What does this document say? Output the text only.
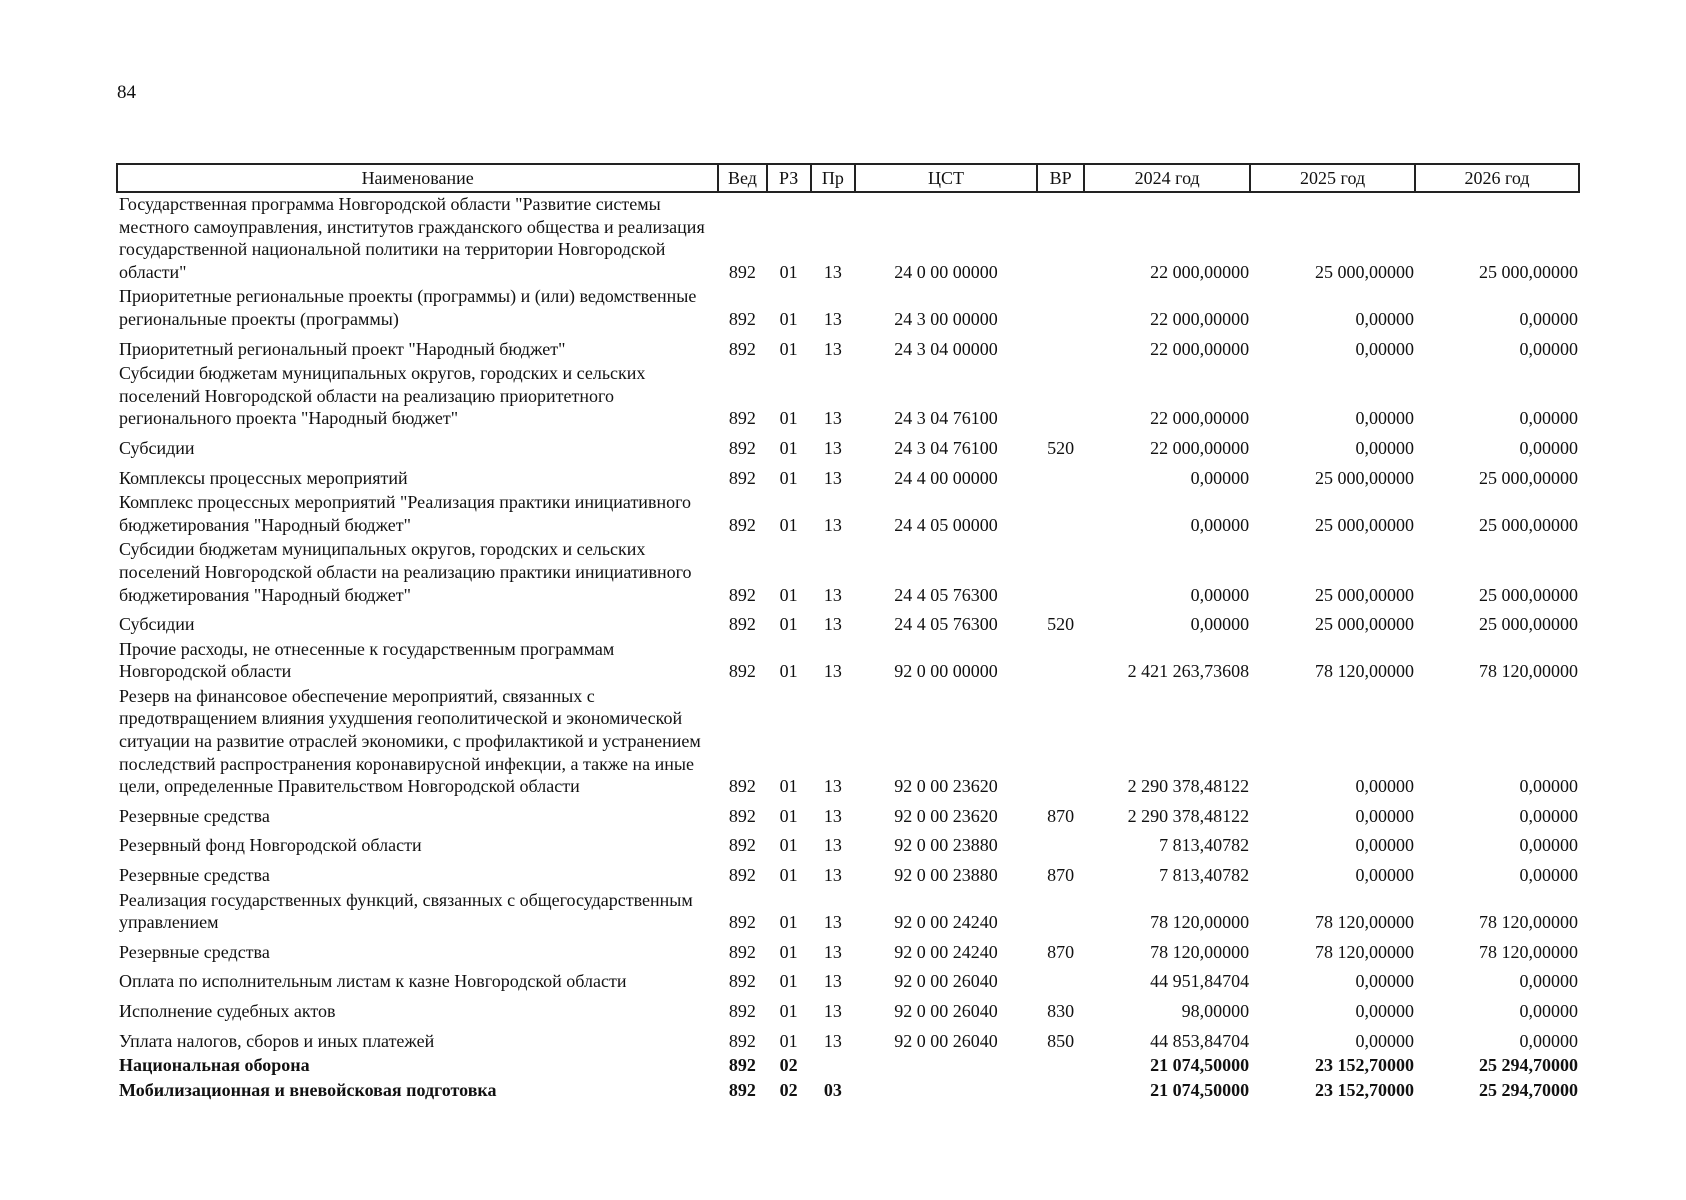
84
Наименование	Вед	РЗ	Пр	ЦСТ	ВР	2024 год	2025 год	2026 год
Государственная программа Новгородской области "Развитие системы местного самоуправления, институтов гражданского общества и реализация государственной национальной политики на территории Новгородской области"	892	01	13	24 0 00 00000		22 000,00000	25 000,00000	25 000,00000
Приоритетные региональные проекты (программы) и (или) ведомственные региональные проекты (программы)	892	01	13	24 3 00 00000		22 000,00000	0,00000	0,00000
Приоритетный региональный проект "Народный бюджет"	892	01	13	24 3 04 00000		22 000,00000	0,00000	0,00000
Субсидии бюджетам муниципальных округов, городских и сельских поселений Новгородской области на реализацию приоритетного регионального проекта "Народный бюджет"	892	01	13	24 3 04 76100		22 000,00000	0,00000	0,00000
Субсидии	892	01	13	24 3 04 76100	520	22 000,00000	0,00000	0,00000
Комплексы процессных мероприятий	892	01	13	24 4 00 00000		0,00000	25 000,00000	25 000,00000
Комплекс процессных мероприятий "Реализация практики инициативного бюджетирования "Народный бюджет"	892	01	13	24 4 05 00000		0,00000	25 000,00000	25 000,00000
Субсидии бюджетам муниципальных округов, городских и сельских поселений Новгородской области на реализацию практики инициативного бюджетирования "Народный бюджет"	892	01	13	24 4 05 76300		0,00000	25 000,00000	25 000,00000
Субсидии	892	01	13	24 4 05 76300	520	0,00000	25 000,00000	25 000,00000
Прочие расходы, не отнесенные к государственным программам Новгородской области	892	01	13	92 0 00 00000		2 421 263,73608	78 120,00000	78 120,00000
Резерв на финансовое обеспечение мероприятий, связанных с предотвращением влияния ухудшения геополитической и экономической ситуации на развитие отраслей экономики, с профилактикой и устранением последствий распространения коронавирусной инфекции, а также на иные цели, определенные Правительством Новгородской области	892	01	13	92 0 00 23620		2 290 378,48122	0,00000	0,00000
Резервные средства	892	01	13	92 0 00 23620	870	2 290 378,48122	0,00000	0,00000
Резервный фонд Новгородской области	892	01	13	92 0 00 23880		7 813,40782	0,00000	0,00000
Резервные средства	892	01	13	92 0 00 23880	870	7 813,40782	0,00000	0,00000
Реализация государственных функций, связанных с общегосударственным управлением	892	01	13	92 0 00 24240		78 120,00000	78 120,00000	78 120,00000
Резервные средства	892	01	13	92 0 00 24240	870	78 120,00000	78 120,00000	78 120,00000
Оплата по исполнительным листам к казне Новгородской области	892	01	13	92 0 00 26040		44 951,84704	0,00000	0,00000
Исполнение судебных актов	892	01	13	92 0 00 26040	830	98,00000	0,00000	0,00000
Уплата налогов, сборов и иных платежей	892	01	13	92 0 00 26040	850	44 853,84704	0,00000	0,00000
Национальная оборона	892	02				21 074,50000	23 152,70000	25 294,70000
Мобилизационная и вневойсковая подготовка	892	02	03			21 074,50000	23 152,70000	25 294,70000
